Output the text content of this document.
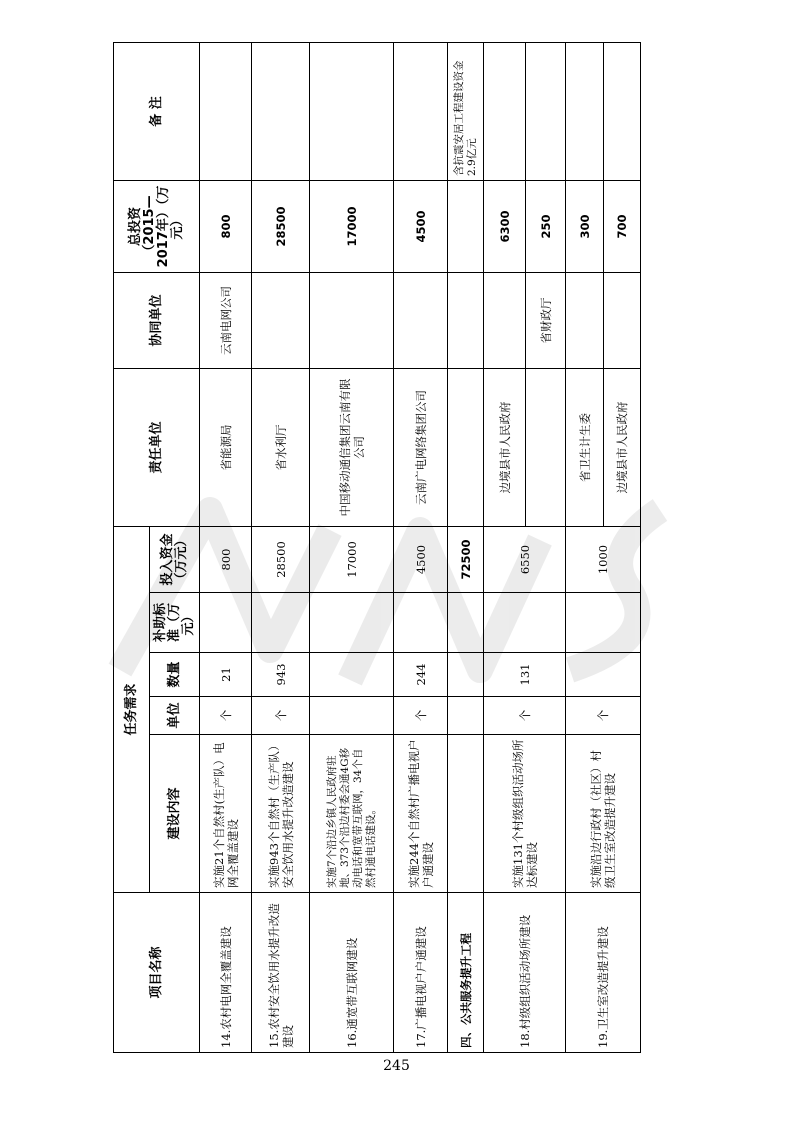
项目名称	任务需求					责任单位	协同单位	总投资（2015—2017年）（万元）	备 注
	建设内容	单位	数量	补助标准（万元）	投入资金（万元）				
14.农村电网全覆盖建设	实施21个自然村(生产队）电网全覆盖建设	个	21		800	省能源局	云南电网公司	800	
15.农村安全饮用水提升改造建设	实施943个自然村（生产队）安全饮用水提升改造建设	个	943		28500	省水利厅		28500	
16.通宽带互联网建设	实施7个沿边乡镇人民政府驻地、373个沿边村委会通4G移动电话和宽带互联网，34个自然村通电话建设。				17000	中国移动通信集团云南有限公司		17000	
17.广播电视户户通建设	实施244个自然村广播电视户户通建设	个	244		4500	云南广电网络集团公司		4500	
四、公共服务提升工程					72500				含抗震安居工程建设资金2.9亿元
18.村级组织活动场所建设	实施131个村级组织活动场所达标建设	个	131		6550	边境县市人民政府		6300	
							省财政厅	250	
19.卫生室改造提升建设	实施沿边行政村（社区）村级卫生室改造提升建设	个			1000	省卫生计生委		300	
						边境县市人民政府		700	
245
